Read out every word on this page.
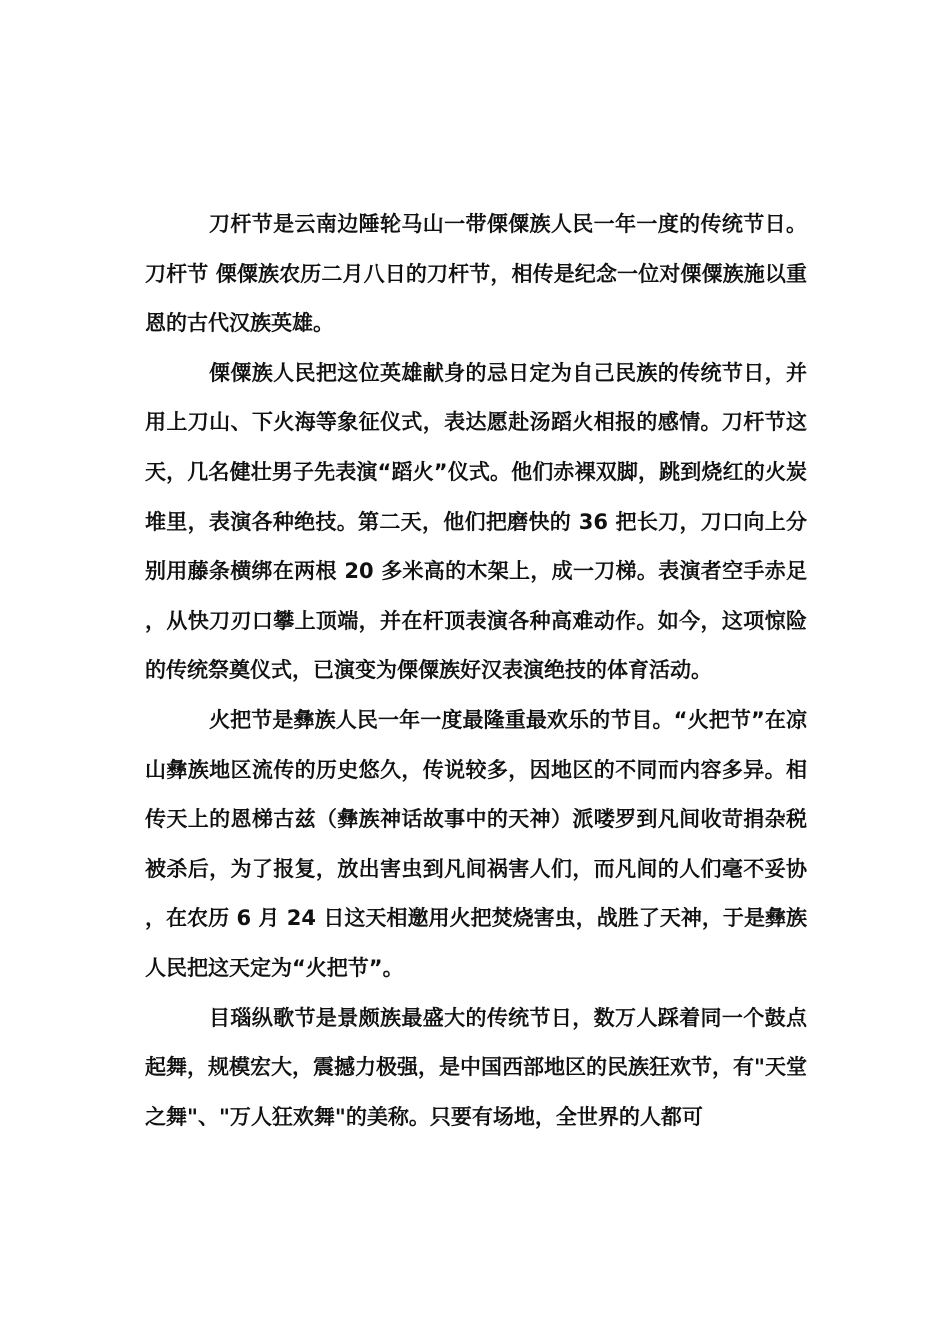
刀杆节是云南边陲轮马山一带傈僳族人民一年一度的传统节日。 刀杆节 傈僳族农历二月八日的刀杆节，相传是纪念一位对傈僳族施以重恩的古代汉族英雄。

傈僳族人民把这位英雄献身的忌日定为自己民族的传统节日，并用上刀山、下火海等象征仪式，表达愿赴汤蹈火相报的感情。刀杆节这天，几名健壮男子先表演“蹈火”仪式。他们赤裸双脚，跳到烧红的火炭堆里，表演各种绝技。第二天，他们把磨快的 36 把长刀，刀口向上分别用藤条横绑在两根 20 多米高的木架上，成一刀梯。表演者空手赤足，从快刀刃口攀上顶端，并在杆顶表演各种高难动作。如今，这项惊险的传统祭奠仪式，已演变为傈僳族好汉表演绝技的体育活动。

火把节是彝族人民一年一度最隆重最欢乐的节目。“火把节”在凉山彝族地区流传的历史悠久，传说较多，因地区的不同而内容多异。相传天上的恩梯古兹（彝族神话故事中的天神）派喽罗到凡间收苛捐杂税被杀后，为了报复，放出害虫到凡间祸害人们，而凡间的人们毫不妥协，在农历 6 月 24 日这天相邀用火把焚烧害虫，战胜了天神，于是彝族人民把这天定为“火把节”。

目瑙纵歌节是景颇族最盛大的传统节日，数万人踩着同一个鼓点起舞，规模宏大，震撼力极强，是中国西部地区的民族狂欢节，有"天堂之舞"、"万人狂欢舞"的美称。只要有场地，全世界的人都可
